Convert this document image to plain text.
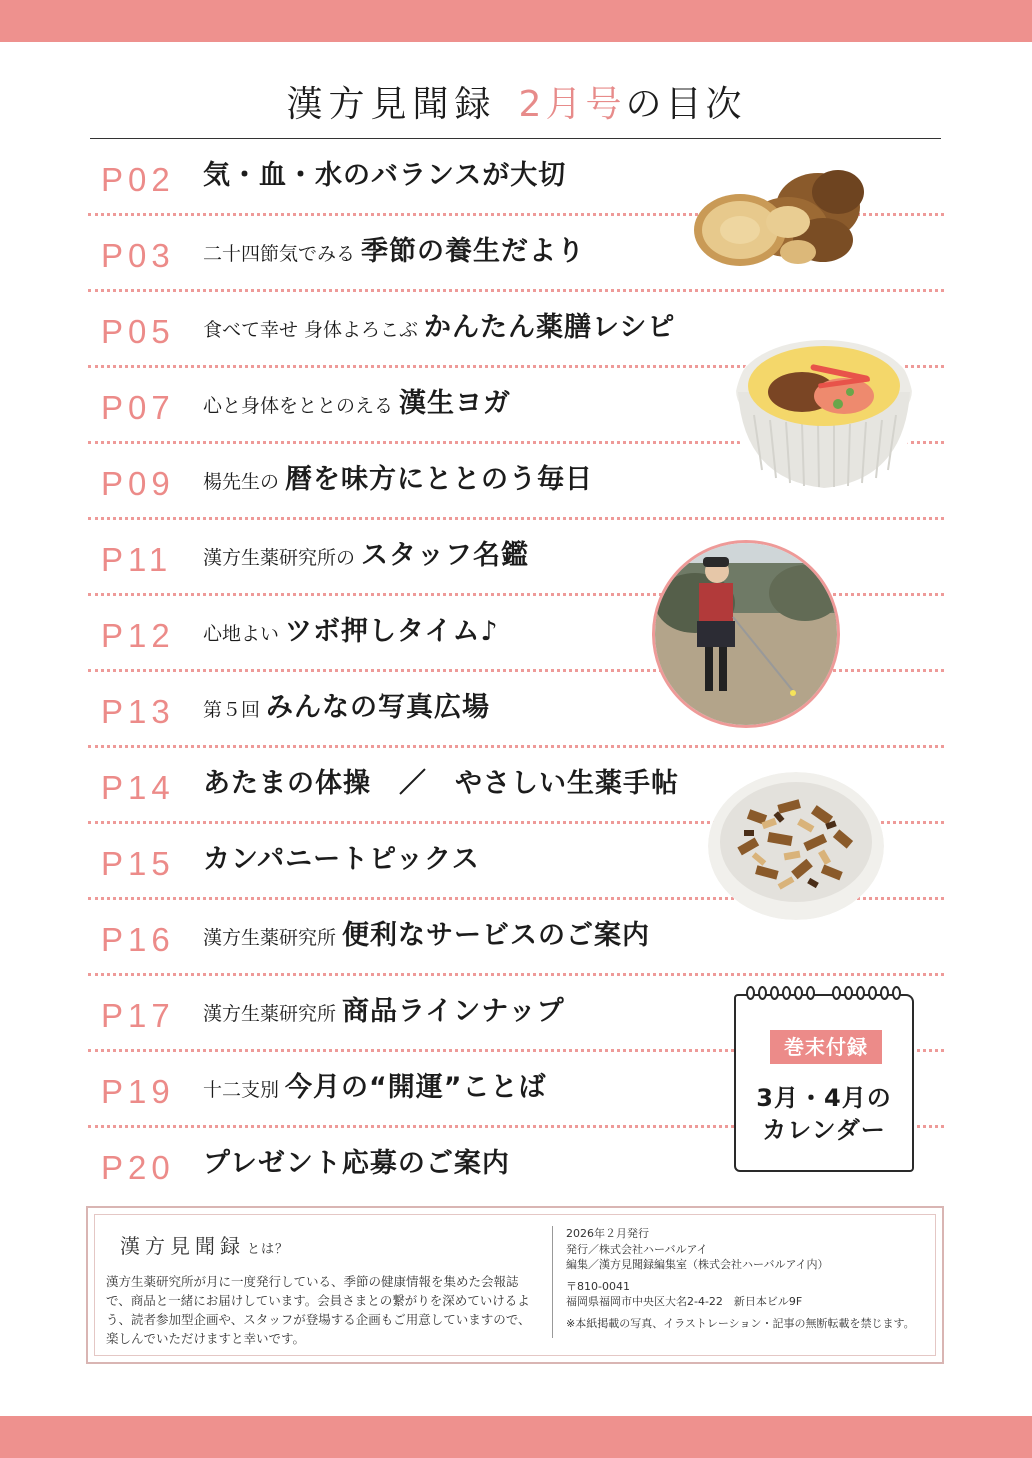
漢方見聞録 2月号の目次
P02 気・血・水のバランスが大切
P03 二十四節気でみる 季節の養生だより
P05 食べて幸せ 身体よろこぶ かんたん薬膳レシピ
P07 心と身体をととのえる 漢生ヨガ
P09 楊先生の 暦を味方にととのう毎日
P11 漢方生薬研究所の スタッフ名鑑
P12 心地よい ツボ押しタイム♪
P13 第５回 みんなの写真広場
P14 あたまの体操　／　やさしい生薬手帖
P15 カンパニートピックス
P16 漢方生薬研究所 便利なサービスのご案内
P17 漢方生薬研究所 商品ラインナップ
P19 十二支別 今月の“開運”ことば
P20 プレゼント応募のご案内
巻末付録
3月・4月の
カレンダー
漢方見聞録 とは？
漢方生薬研究所が月に一度発行している、季節の健康情報を集めた会報誌で、商品と一緒にお届けしています。会員さまとの繋がりを深めていけるよう、読者参加型企画や、スタッフが登場する企画もご用意していますので、楽しんでいただけますと幸いです。
2026年２月発行
発行／株式会社ハーバルアイ
編集／漢方見聞録編集室（株式会社ハーバルアイ内）
〒810-0041
福岡県福岡市中央区大名2-4-22　新日本ビル9F
※本紙掲載の写真、イラストレーション・記事の無断転載を禁じます。
